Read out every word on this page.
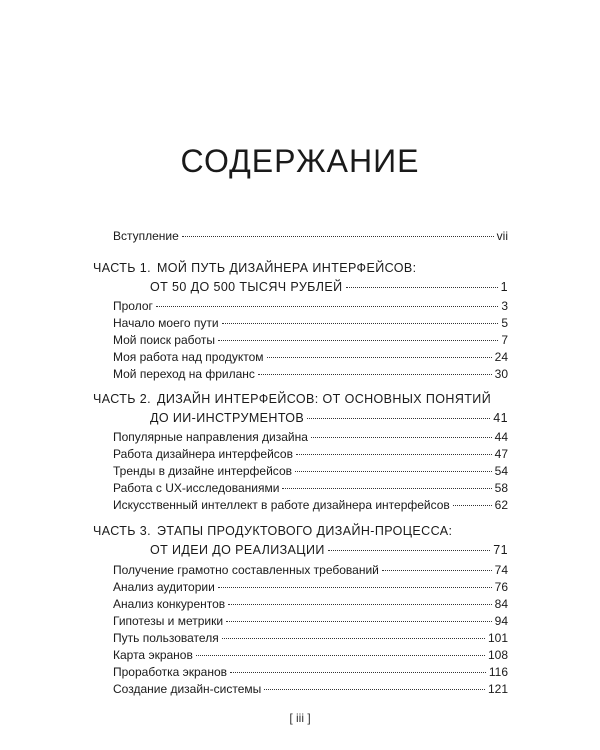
СОДЕРЖАНИЕ
Вступление	vii
ЧАСТЬ 1. МОЙ ПУТЬ ДИЗАЙНЕРА ИНТЕРФЕЙСОВ:
ОТ 50 ДО 500 ТЫСЯЧ РУБЛЕЙ	1
Пролог	3
Начало моего пути	5
Мой поиск работы	7
Моя работа над продуктом	24
Мой переход на фриланс	30
ЧАСТЬ 2. ДИЗАЙН ИНТЕРФЕЙСОВ: ОТ ОСНОВНЫХ ПОНЯТИЙ
ДО ИИ-ИНСТРУМЕНТОВ	41
Популярные направления дизайна	44
Работа дизайнера интерфейсов	47
Тренды в дизайне интерфейсов	54
Работа с UX-исследованиями	58
Искусственный интеллект в работе дизайнера интерфейсов	62
ЧАСТЬ 3. ЭТАПЫ ПРОДУКТОВОГО ДИЗАЙН-ПРОЦЕССА:
ОТ ИДЕИ ДО РЕАЛИЗАЦИИ	71
Получение грамотно составленных требований	74
Анализ аудитории	76
Анализ конкурентов	84
Гипотезы и метрики	94
Путь пользователя	101
Карта экранов	108
Проработка экранов	116
Создание дизайн-системы	121
[ iii ]
